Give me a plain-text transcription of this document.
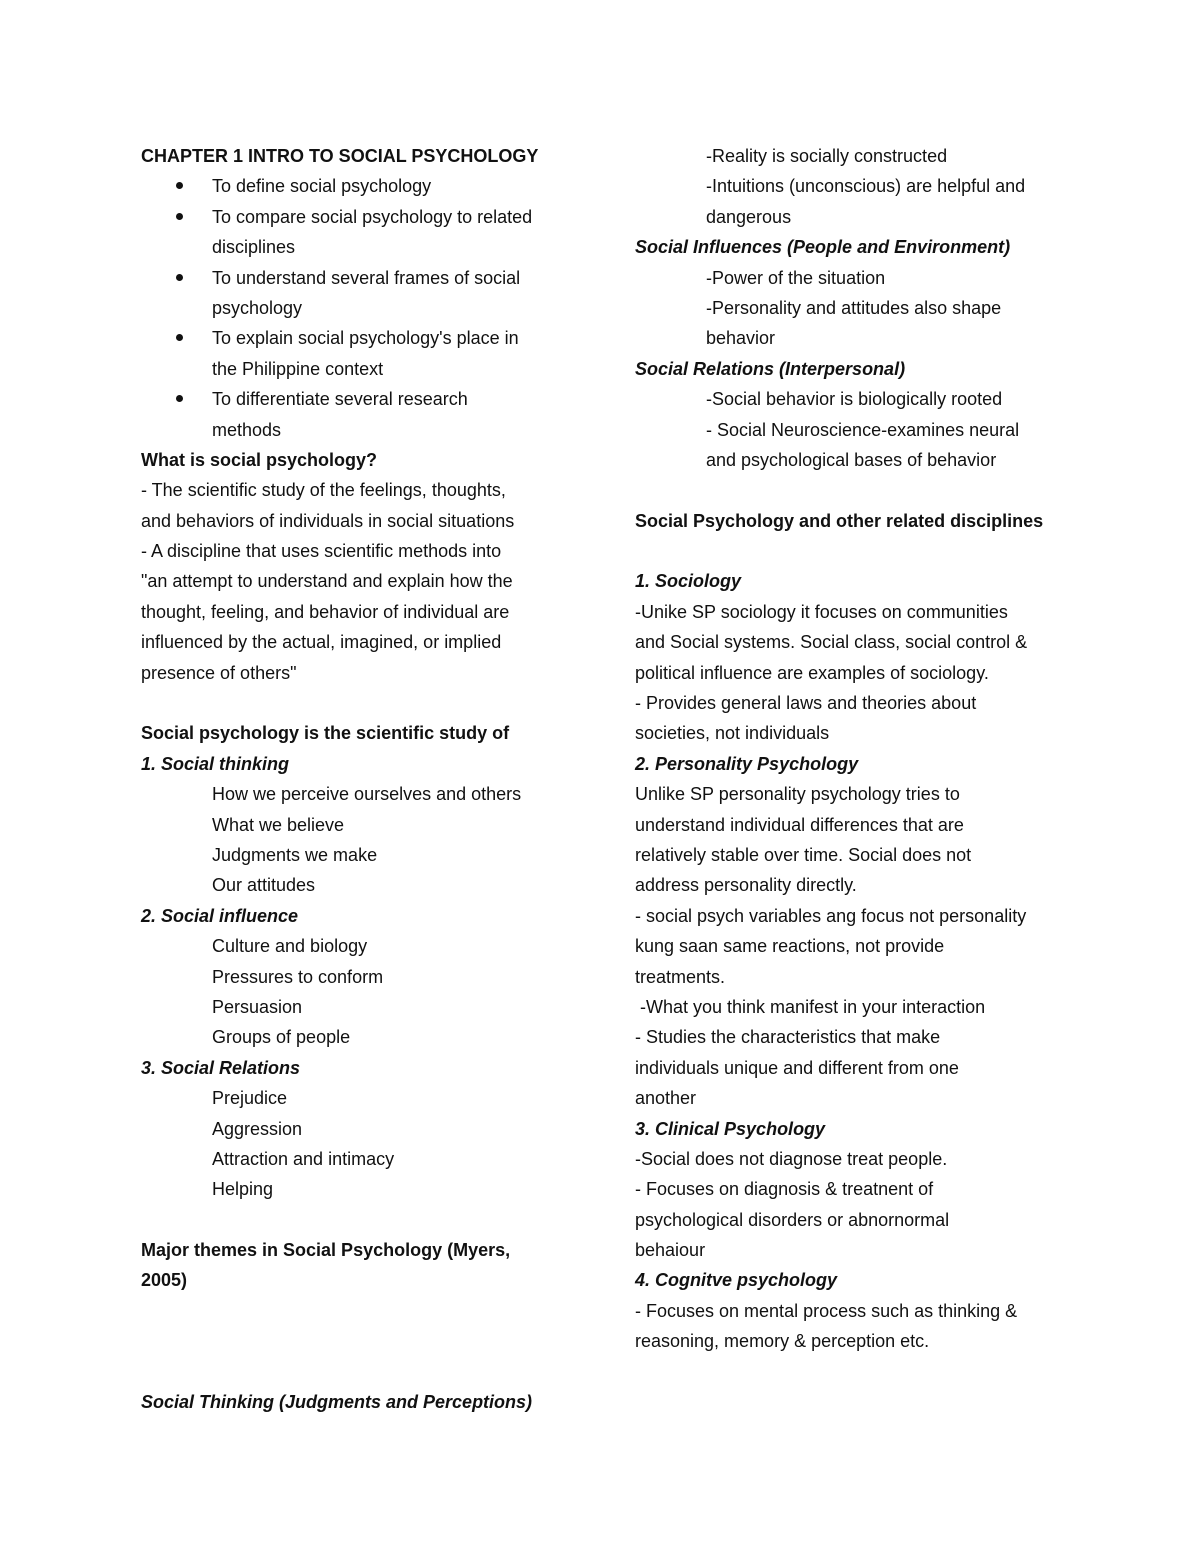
CHAPTER 1 INTRO TO SOCIAL PSYCHOLOGY
To define social psychology
To compare social psychology to related
disciplines
To understand several frames of social
psychology
To explain social psychology's place in
the Philippine context
To differentiate several research
methods
What is social psychology?
- The scientific study of the feelings, thoughts,
and behaviors of individuals in social situations
- A discipline that uses scientific methods into
"an attempt to understand and explain how the
thought, feeling, and behavior of individual are
influenced by the actual, imagined, or implied
presence of others"
Social psychology is the scientific study of
1. Social thinking
How we perceive ourselves and others
What we believe
Judgments we make
Our attitudes
2. Social influence
Culture and biology
Pressures to conform
Persuasion
Groups of people
3. Social Relations
Prejudice
Aggression
Attraction and intimacy
Helping
Major themes in Social Psychology (Myers,
2005)
Social Thinking (Judgments and Perceptions)
-Reality is socially constructed
-Intuitions (unconscious) are helpful and
dangerous
Social Influences (People and Environment)
-Power of the situation
-Personality and attitudes also shape
behavior
Social Relations (Interpersonal)
-Social behavior is biologically rooted
- Social Neuroscience-examines neural
and psychological bases of behavior
Social Psychology and other related disciplines
1. Sociology
-Unike SP sociology it focuses on communities
and Social systems. Social class, social control &
political influence are examples of sociology.
- Provides general laws and theories about
societies, not individuals
2. Personality Psychology
Unlike SP personality psychology tries to
understand individual differences that are
relatively stable over time. Social does not
address personality directly.
- social psych variables ang focus not personality
kung saan same reactions, not provide
treatments.
-What you think manifest in your interaction
- Studies the characteristics that make
individuals unique and different from one
another
3. Clinical Psychology
-Social does not diagnose treat people.
- Focuses on diagnosis & treatnent of
psychological disorders or abnornormal
behaiour
4. Cognitve psychology
- Focuses on mental process such as thinking &
reasoning, memory & perception etc.
